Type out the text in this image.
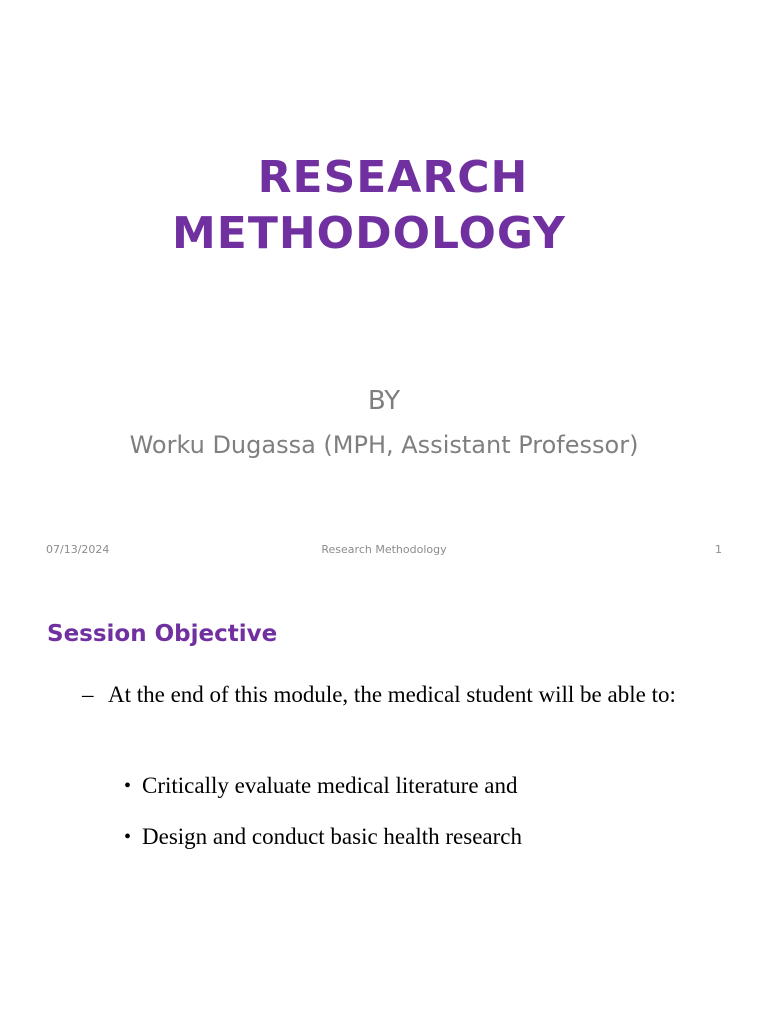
RESEARCH
METHODOLOGY
BY
Worku Dugassa (MPH, Assistant Professor)
07/13/2024	Research Methodology	1
Session Objective
– At the end of this module, the medical student will be able to:
• Critically evaluate medical literature and
• Design and conduct basic health research
